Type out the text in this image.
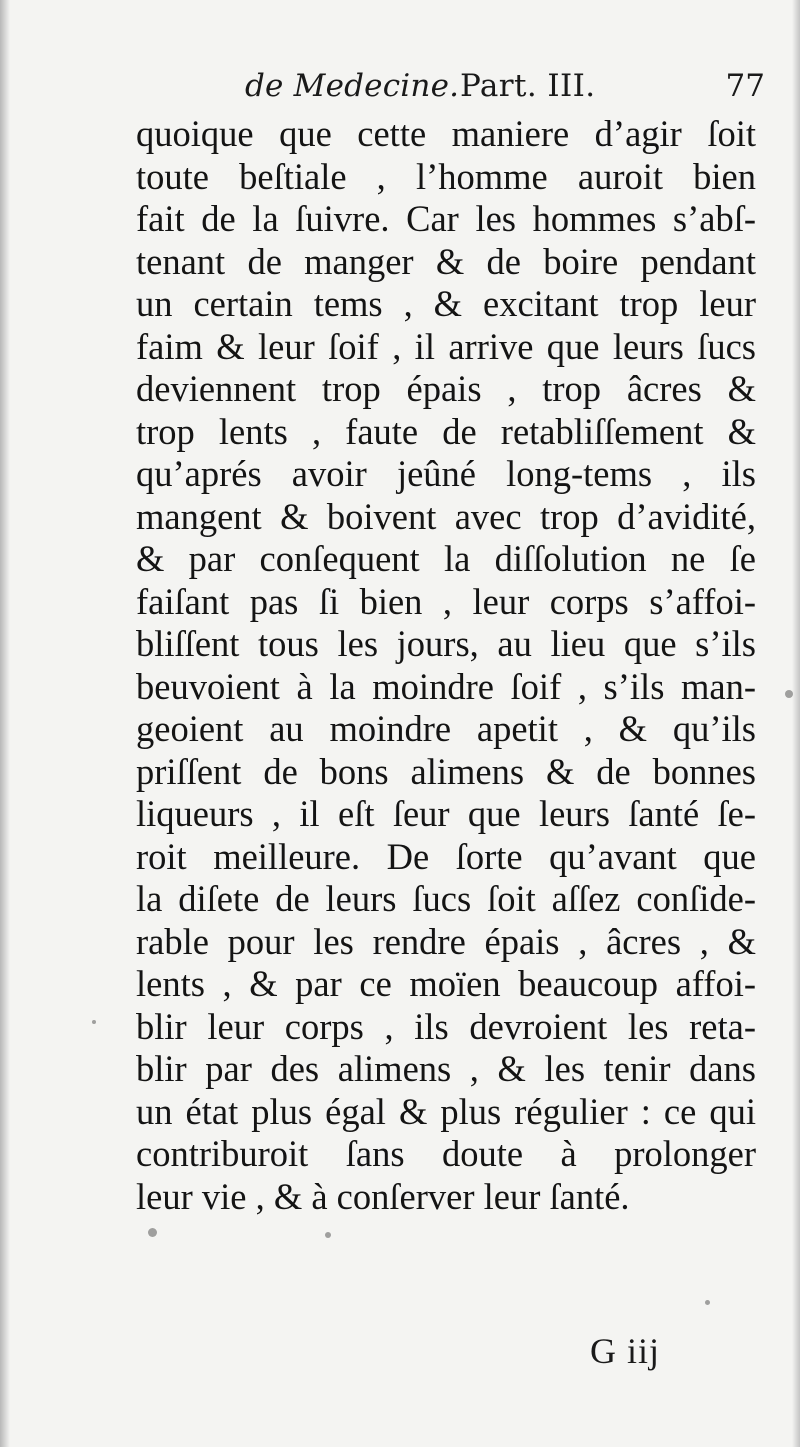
de Medecine. Part. III.	77
quoique que cette maniere d’agir ſoit
toute beſtiale , l’homme auroit bien
fait de la ſuivre. Car les hommes s’abſ-
tenant de manger & de boire pendant
un certain tems , & excitant trop leur
faim & leur ſoif , il arrive que leurs ſucs
deviennent trop épais , trop âcres &
trop lents , faute de retabliſſement &
qu’aprés avoir jeûné long-tems , ils
mangent & boivent avec trop d’avidité,
& par conſequent la diſſolution ne ſe
faiſant pas ſi bien , leur corps s’affoi-
bliſſent tous les jours, au lieu que s’ils
beuvoient à la moindre ſoif , s’ils man-
geoient au moindre apetit , & qu’ils
priſſent de bons alimens & de bonnes
liqueurs , il eſt ſeur que leurs ſanté ſe-
roit meilleure. De ſorte qu’avant que
la diſete de leurs ſucs ſoit aſſez conſide-
rable pour les rendre épais , âcres , &
lents , & par ce moïen beaucoup affoi-
blir leur corps , ils devroient les reta-
blir par des alimens , & les tenir dans
un état plus égal & plus régulier : ce qui
contriburoit ſans doute à prolonger
leur vie , & à conſerver leur ſanté.
G iij
